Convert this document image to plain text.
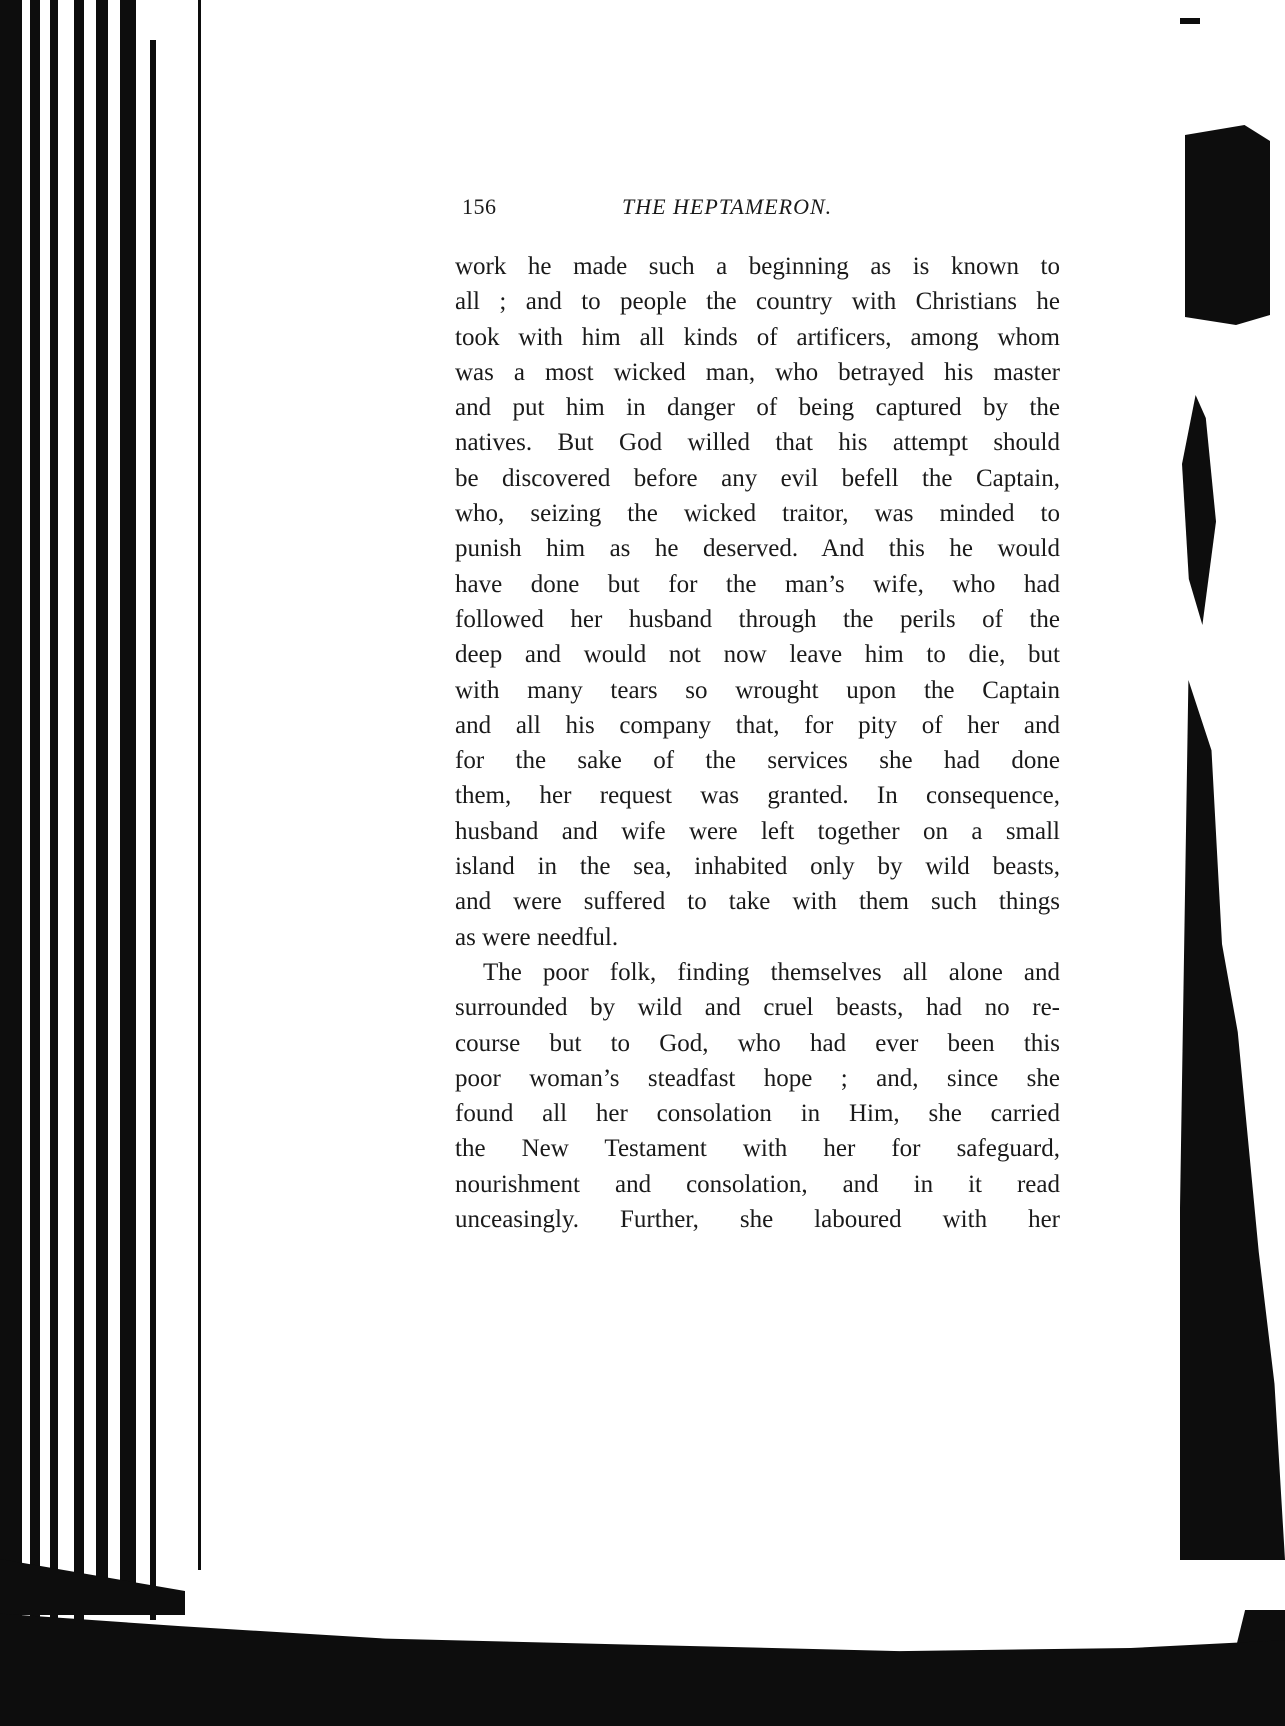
156	THE HEPTAMERON.
work he made such a beginning as is known to
all ; and to people the country with Christians he
took with him all kinds of artificers, among whom
was a most wicked man, who betrayed his master
and put him in danger of being captured by the
natives. But God willed that his attempt should
be discovered before any evil befell the Captain,
who, seizing the wicked traitor, was minded to
punish him as he deserved. And this he would
have done but for the man’s wife, who had
followed her husband through the perils of the
deep and would not now leave him to die, but
with many tears so wrought upon the Captain
and all his company that, for pity of her and
for the sake of the services she had done
them, her request was granted. In consequence,
husband and wife were left together on a small
island in the sea, inhabited only by wild beasts,
and were suffered to take with them such things
as were needful.
The poor folk, finding themselves all alone and
surrounded by wild and cruel beasts, had no re-
course but to God, who had ever been this
poor woman’s steadfast hope ; and, since she
found all her consolation in Him, she carried
the New Testament with her for safeguard,
nourishment and consolation, and in it read
unceasingly. Further, she laboured with her
